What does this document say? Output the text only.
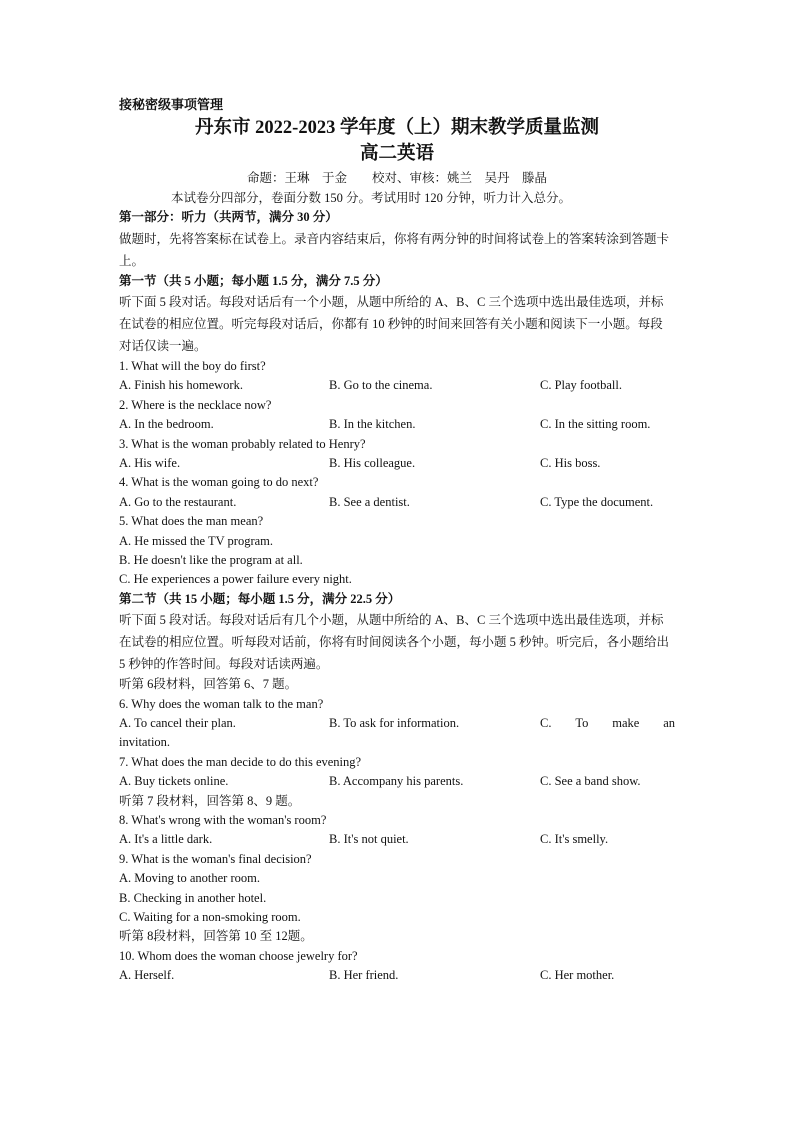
接秘密级事项管理
丹东市 2022-2023 学年度（上）期末教学质量监测
高二英语
命题：王琳　于金　　校对、审核：姚兰　吴丹　滕晶
本试卷分四部分，卷面分数 150 分。考试用时 120 分钟，听力计入总分。
第一部分：听力（共两节，满分 30 分）
做题时，先将答案标在试卷上。录音内容结束后，你将有两分钟的时间将试卷上的答案转涂到答题卡上。
第一节（共 5 小题；每小题 1.5 分，满分 7.5 分）
听下面 5 段对话。每段对话后有一个小题，从题中所给的 A、B、C 三个选项中选出最佳选项，并标在试卷的相应位置。听完每段对话后，你都有 10 秒钟的时间来回答有关小题和阅读下一小题。每段对话仅读一遍。
1. What will the boy do first?
A. Finish his homework.	B. Go to the cinema.	C. Play football.
2. Where is the necklace now?
A. In the bedroom.	B. In the kitchen.	C. In the sitting room.
3. What is the woman probably related to Henry?
A. His wife.	B. His colleague.	C. His boss.
4. What is the woman going to do next?
A. Go to the restaurant.	B. See a dentist.	C. Type the document.
5. What does the man mean?
A. He missed the TV program.
B. He doesn't like the program at all.
C. He experiences a power failure every night.
第二节（共 15 小题；每小题 1.5 分，满分 22.5 分）
听下面 5 段对话。每段对话后有几个小题，从题中所给的 A、B、C 三个选项中选出最佳选项，并标在试卷的相应位置。听每段对话前，你将有时间阅读各个小题，每小题 5 秒钟。听完后，各小题给出 5 秒钟的作答时间。每段对话读两遍。
听第 6段材料，回答第 6、7 题。
6. Why does the woman talk to the man?
A. To cancel their plan.	B. To ask for information.	C. To make an
invitation.
7. What does the man decide to do this evening?
A. Buy tickets online.	B. Accompany his parents.	C. See a band show.
听第 7 段材料，回答第 8、9 题。
8. What's wrong with the woman's room?
A. It's a little dark.	B. It's not quiet.	C. It's smelly.
9. What is the woman's final decision?
A. Moving to another room.
B. Checking in another hotel.
C. Waiting for a non-smoking room.
听第 8段材料，回答第 10 至 12题。
10. Whom does the woman choose jewelry for?
A. Herself.	B. Her friend.	C. Her mother.
